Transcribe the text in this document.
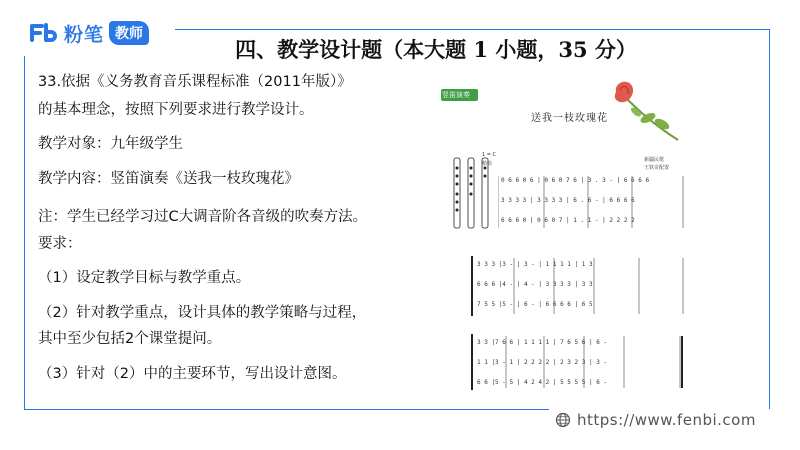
粉笔 教师
四、教学设计题（本大题 1 小题，35 分）
33.依据《义务教育音乐课程标准（2011年版）》
的基本理念，按照下列要求进行教学设计。
教学对象：九年级学生
教学内容：竖笛演奏《送我一枝玫瑰花》
注：学生已经学习过C大调音阶各音级的吹奏方法。
要求：
（1）设定教学目标与教学重点。
（2）针对教学重点，设计具体的教学策略与过程，
其中至少包括2个课堂提问。
（3）针对（2）中的主要环节，写出设计意图。
竖笛演奏
送我一枝玫瑰花
1 = C
稍快
新疆民歌
王铁奇配置
0 6 6 0 6 | 0 6 0 7 6 | 3 . 3 - | 6 6 6 6
3 3 3 3 | 3 3 3 3 | 6 . 6 - | 6 6 6 6
6 6 6 0 | 0 6 0 7 | 1 . 1 - | 2 2 2 2
3 3 3 |3 - | 3 - | 1 1 1 1 | 1 3
6 6 6 |4 - | 4 - | 3 3 3 3 | 3 3
7 5 5 |5 - | 6 - | 6 6 6 6 | 6 5
3 3 |7 6 6 | 1 1 1 1 | 7 6 5 6 | 6 -
1 1 |3 - 1 | 2 2 2 2 | 2 3 2 3 | 3 -
6 6 |5 - 5 | 4 2 4 2 | 5 5 5 5 | 6 -
https://www.fenbi.com
